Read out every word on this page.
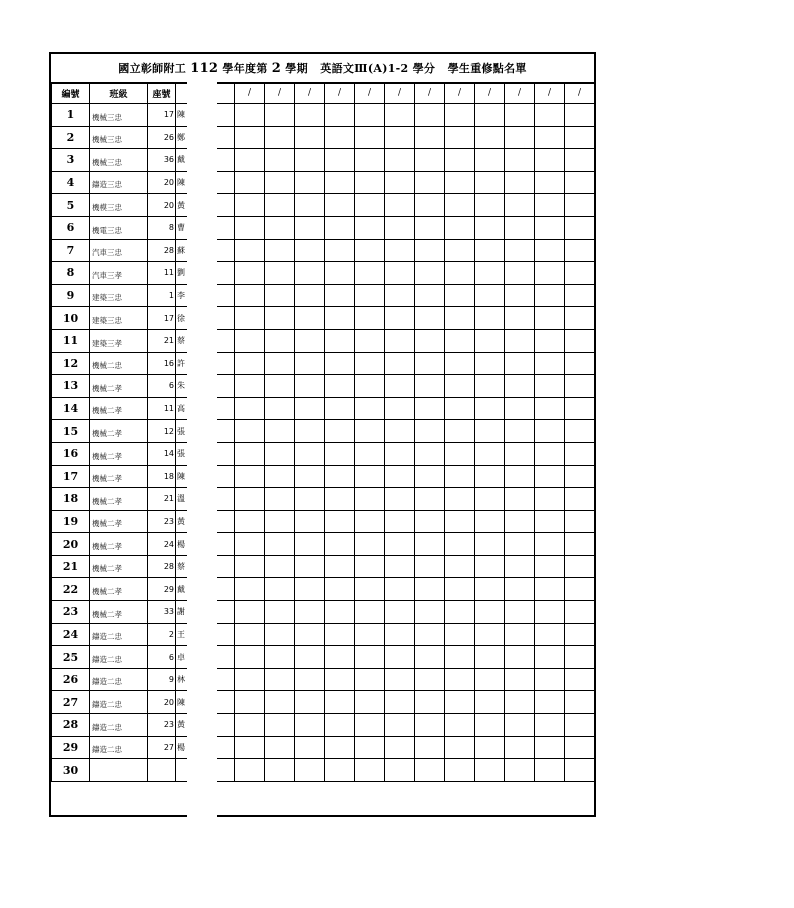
國立彰師附工
112
學年度第
2
學期
英語文Ⅲ(A)1-2 學分
學生重修點名單
編號	班級	座號		/	/	/	/	/	/	/	/	/	/	/	/
1	機械三忠	17	陳												
2	機械三忠	26	鄭												
3	機械三忠	36	戴												
4	鑄造三忠	20	陳												
5	機模三忠	20	黃												
6	機電三忠	8	曹												
7	汽車三忠	28	蘇												
8	汽車三孝	11	劉												
9	建築三忠	1	李												
10	建築三忠	17	徐												
11	建築三孝	21	蔡												
12	機械二忠	16	許												
13	機械二孝	6	朱												
14	機械二孝	11	高												
15	機械二孝	12	張												
16	機械二孝	14	張												
17	機械二孝	18	陳												
18	機械二孝	21	溫												
19	機械二孝	23	黃												
20	機械二孝	24	楊												
21	機械二孝	28	蔡												
22	機械二孝	29	戴												
23	機械二孝	33	謝												
24	鑄造二忠	2	王												
25	鑄造二忠	6	卓												
26	鑄造二忠	9	林												
27	鑄造二忠	20	陳												
28	鑄造二忠	23	黃												
29	鑄造二忠	27	楊												
30															
